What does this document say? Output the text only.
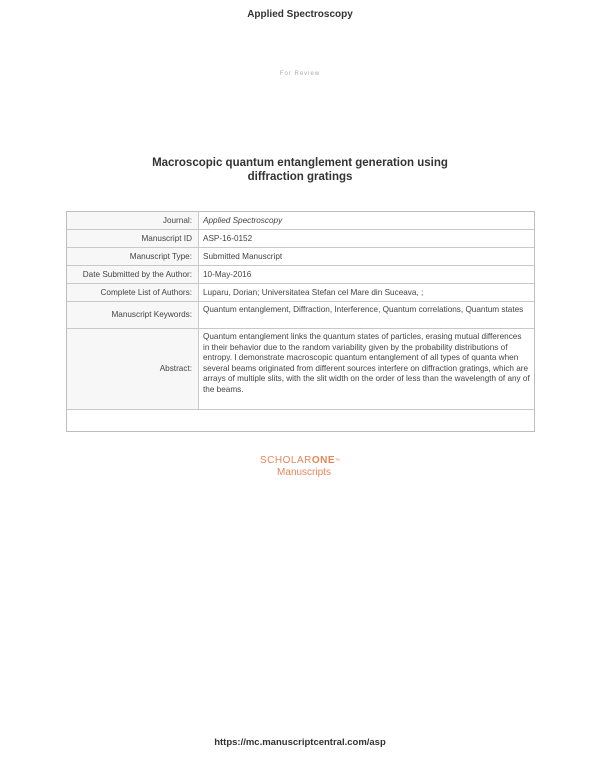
Applied Spectroscopy
For Review
Macroscopic quantum entanglement generation using
diffraction gratings
Journal:	Applied Spectroscopy
Manuscript ID	ASP-16-0152
Manuscript Type:	Submitted Manuscript
Date Submitted by the Author:	10-May-2016
Complete List of Authors:	Luparu, Dorian; Universitatea Stefan cel Mare din Suceava, ;
Manuscript Keywords:	Quantum entanglement, Diffraction, Interference, Quantum correlations, Quantum states
Abstract:	Quantum entanglement links the quantum states of particles, erasing mutual differences in their behavior due to the random variability given by the probability distributions of entropy. I demonstrate macroscopic quantum entanglement of all types of quanta when several beams originated from different sources interfere on diffraction gratings, which are arrays of multiple slits, with the slit width on the order of less than the wavelength of any of the beams.

SCHOLARONE™
Manuscripts
https://mc.manuscriptcentral.com/asp
